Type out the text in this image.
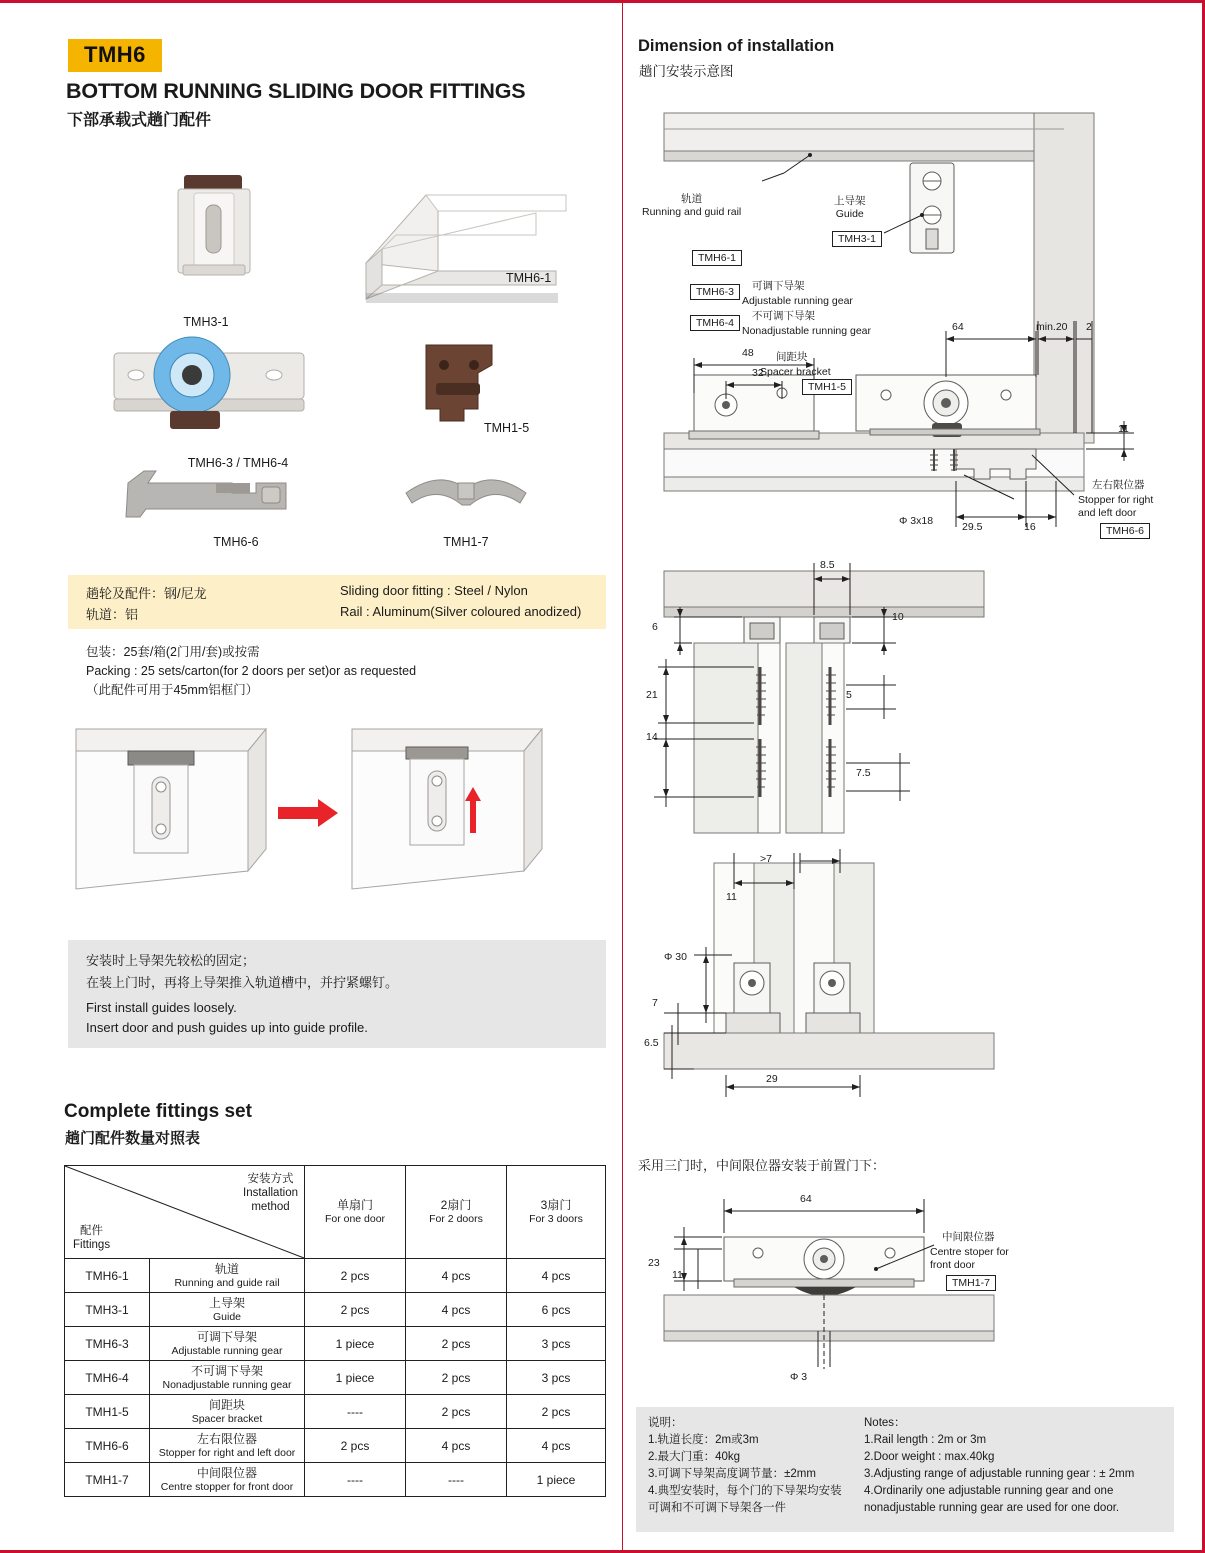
TMH6
BOTTOM RUNNING SLIDING DOOR FITTINGS
下部承载式趟门配件
TMH3-1
TMH6-1
TMH6-3 / TMH6-4
TMH1-5
TMH6-6	TMH1-7
趟轮及配件：钢/尼龙
轨道：铝
Sliding door fitting : Steel / Nylon
Rail : Aluminum(Silver coloured anodized)
包装：25套/箱(2门用/套)或按需
Packing : 25 sets/carton(for 2 doors per set)or as requested
（此配件可用于45mm铝框门）
安装时上导架先较松的固定；
在装上门时，再将上导架推入轨道槽中，并拧紧螺钉。
First install guides loosely.
Insert door and push guides up into guide profile.
Complete fittings set
趟门配件数量对照表
安装方式
Installation
method
配件
Fittings

单扇门
For one door

2扇门
For 2 doors

3扇门
For 3 doors

TMH6-1	轨道
Running and guide rail	2 pcs	4 pcs	4 pcs
TMH3-1	上导架
Guide	2 pcs	4 pcs	6 pcs
TMH6-3	可调下导架
Adjustable running gear	1 piece	2 pcs	3 pcs
TMH6-4	不可调下导架
Nonadjustable running gear	1 piece	2 pcs	3 pcs
TMH1-5	间距块
Spacer bracket	----	2 pcs	2 pcs
TMH6-6	左右限位器
Stopper for right and left door	2 pcs	4 pcs	4 pcs
TMH1-7	中间限位器
Centre stopper for front door	----	----	1 piece
Dimension of installation
趟门安装示意图
轨道
Running and guid rail
TMH6-1
上导架
Guide
TMH3-1
TMH6-3	可调下导架
Adjustable running gear
TMH6-4
不可调下导架
Nonadjustable running gear
间距块
Spacer bracket
TMH1-5
左右限位器
Stopper for right
and left door
TMH6-6
48
32
64	min.20 2
11
Φ 3x18	29.5	16
8.5
10
6
21	5
14
7.5
>7
11
Φ 30
7
6.5
29
采用三门时，中间限位器安装于前置门下：
64
23
11
Φ 3
中间限位器
Centre stoper for
front door
TMH1-7
说明：
1.轨道长度：2m或3m
2.最大门重：40kg
3.可调下导架高度调节量：±2mm
4.典型安装时，每个门的下导架均安装
可调和不可调下导架各一件
Notes：
1.Rail length : 2m or 3m
2.Door weight : max.40kg
3.Adjusting range of adjustable running gear : ± 2mm
4.Ordinarily one adjustable running gear and one
nonadjustable running gear are used for one door.
